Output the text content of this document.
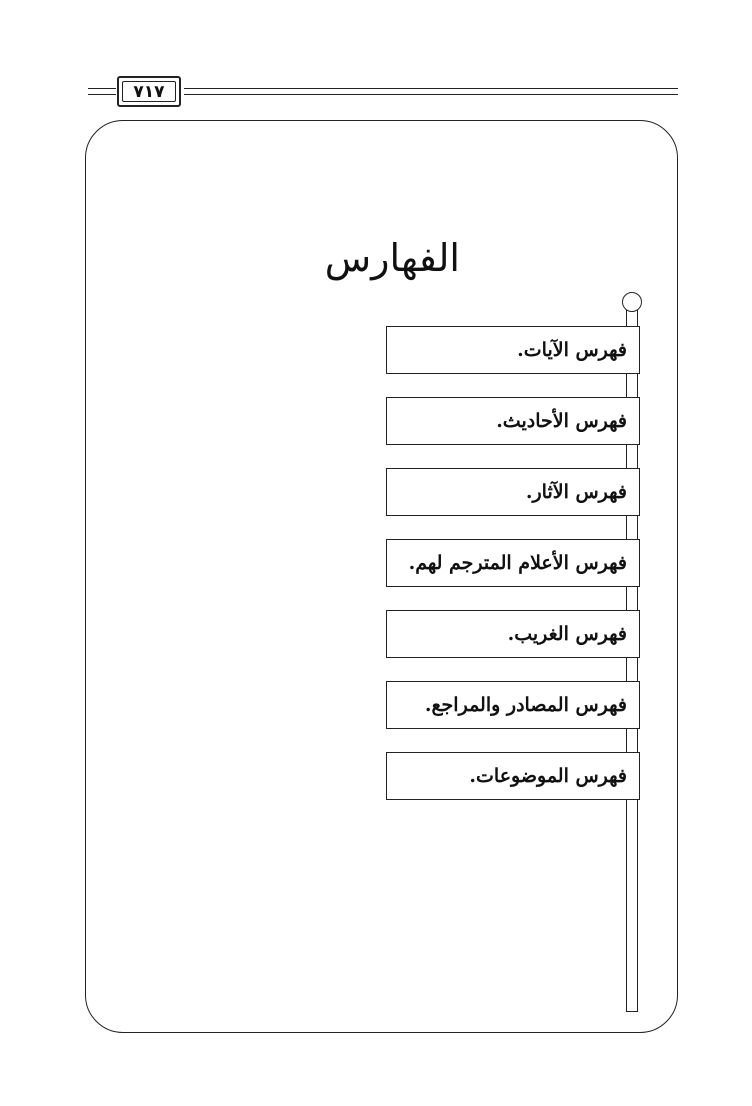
٧١٧
الفهارس
فهرس الآيات.
فهرس الأحاديث.
فهرس الآثار.
فهرس الأعلام المترجم لهم.
فهرس الغريب.
فهرس المصادر والمراجع.
فهرس الموضوعات.
